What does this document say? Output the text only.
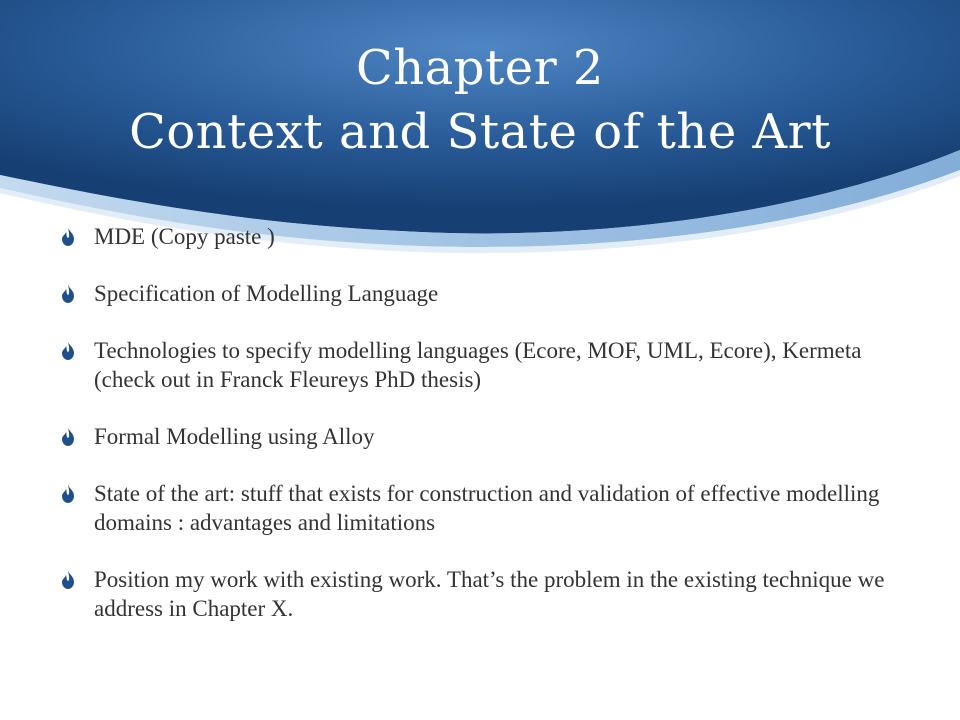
Chapter 2
Context and State of the Art
MDE (Copy paste )
Specification of Modelling Language
Technologies to specify modelling languages (Ecore, MOF, UML, Ecore), Kermeta (check out in Franck Fleureys PhD thesis)
Formal Modelling using Alloy
State of the art: stuff that exists for construction and validation of effective modelling domains : advantages and limitations
Position my work with existing work. That’s the problem in the existing technique we address in Chapter X.
